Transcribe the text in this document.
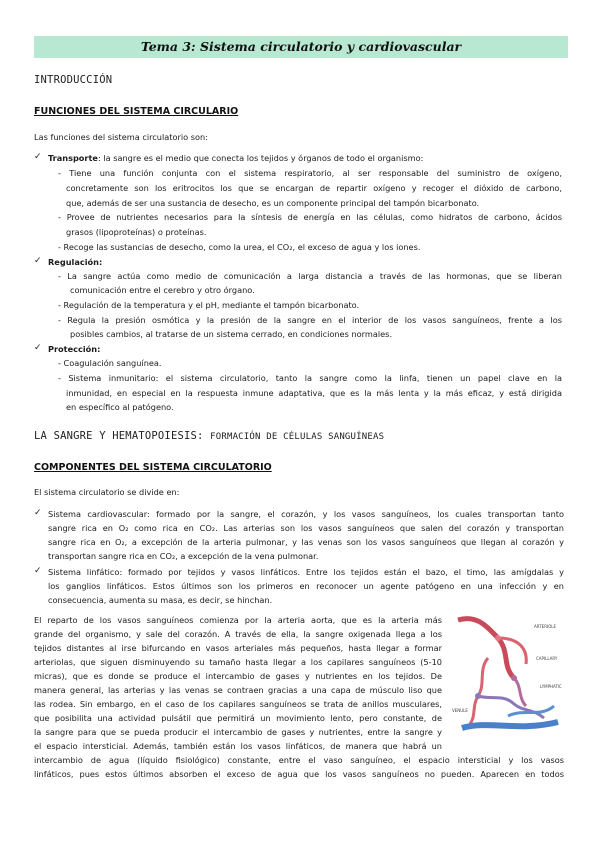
Tema 3: Sistema circulatorio y cardiovascular
INTRODUCCIÓN
FUNCIONES DEL SISTEMA CIRCULARIO
Las funciones del sistema circulatorio son:
✓ Transporte: la sangre es el medio que conecta los tejidos y órganos de todo el organismo:
- Tiene una función conjunta con el sistema respiratorio, al ser responsable del suministro de oxígeno,
concretamente son los eritrocitos los que se encargan de repartir oxígeno y recoger el dióxido de carbono,
que, además de ser una sustancia de desecho, es un componente principal del tampón bicarbonato.
- Provee de nutrientes necesarios para la síntesis de energía en las células, como hidratos de carbono, ácidos
grasos (lipoproteínas) o proteínas.
- Recoge las sustancias de desecho, como la urea, el CO₂, el exceso de agua y los iones.
✓ Regulación:
- La sangre actúa como medio de comunicación a larga distancia a través de las hormonas, que se liberan
comunicación entre el cerebro y otro órgano.
- Regulación de la temperatura y el pH, mediante el tampón bicarbonato.
- Regula la presión osmótica y la presión de la sangre en el interior de los vasos sanguíneos, frente a los
posibles cambios, al tratarse de un sistema cerrado, en condiciones normales.
✓ Protección:
- Coagulación sanguínea.
- Sistema inmunitario: el sistema circulatorio, tanto la sangre como la linfa, tienen un papel clave en la
inmunidad, en especial en la respuesta inmune adaptativa, que es la más lenta y la más eficaz, y está dirigida
en específico al patógeno.
LA SANGRE Y HEMATOPOIESIS: FORMACIÓN DE CÉLULAS SANGUÍNEAS
COMPONENTES DEL SISTEMA CIRCULATORIO
El sistema circulatorio se divide en:
✓ Sistema cardiovascular: formado por la sangre, el corazón, y los vasos sanguíneos, los cuales transportan tanto
sangre rica en O₂ como rica en CO₂. Las arterias son los vasos sanguíneos que salen del corazón y transportan
sangre rica en O₂, a excepción de la arteria pulmonar, y las venas son los vasos sanguíneos que llegan al corazón y
transportan sangre rica en CO₂, a excepción de la vena pulmonar.
✓ Sistema linfático: formado por tejidos y vasos linfáticos. Entre los tejidos están el bazo, el timo, las amígdalas y
los ganglios linfáticos. Estos últimos son los primeros en reconocer un agente patógeno en una infección y en
consecuencia, aumenta su masa, es decir, se hinchan.
El reparto de los vasos sanguíneos comienza por la arteria aorta, que es la arteria más
grande del organismo, y sale del corazón. A través de ella, la sangre oxigenada llega a los
tejidos distantes al irse bifurcando en vasos arteriales más pequeños, hasta llegar a formar
arteriolas, que siguen disminuyendo su tamaño hasta llegar a los capilares sanguíneos (5-10
micras), que es donde se produce el intercambio de gases y nutrientes en los tejidos. De
manera general, las arterias y las venas se contraen gracias a una capa de músculo liso que
las rodea. Sin embargo, en el caso de los capilares sanguíneos se trata de anillos musculares,
que posibilita una actividad pulsátil que permitirá un movimiento lento, pero constante, de
la sangre para que se pueda producir el intercambio de gases y nutrientes, entre la sangre y
el espacio intersticial. Además, también están los vasos linfáticos, de manera que habrá un
intercambio de agua (líquido fisiológico) constante, entre el vaso sanguíneo, el espacio intersticial y los vasos
linfáticos, pues estos últimos absorben el exceso de agua que los vasos sanguíneos no pueden. Aparecen en todos
ARTERIOLE
CAPILLARY
VENULE
LYMPHATIC
